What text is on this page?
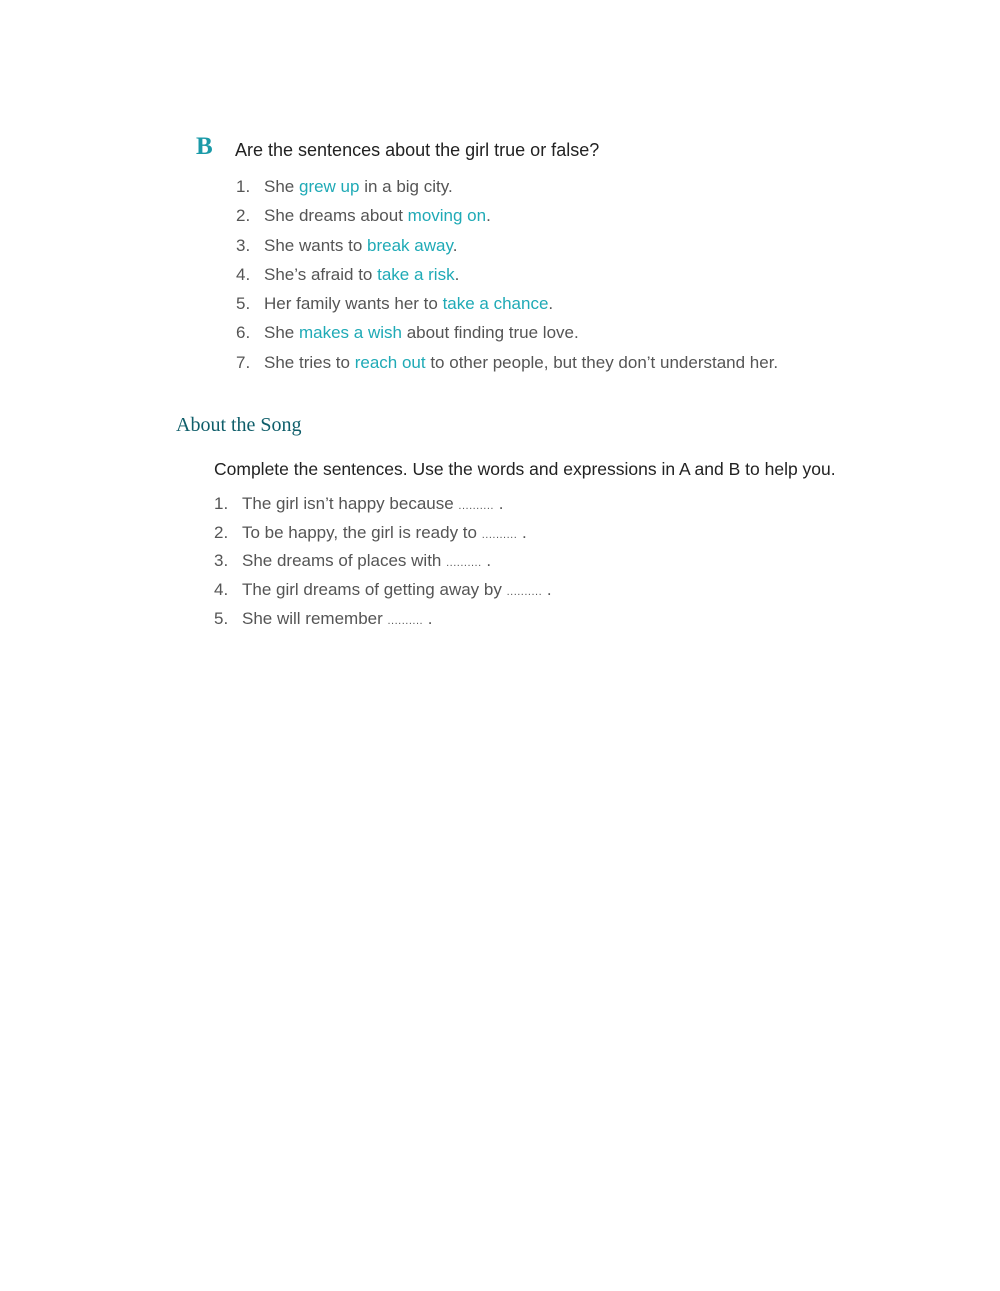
B Are the sentences about the girl true or false?
1. She grew up in a big city.
2. She dreams about moving on.
3. She wants to break away.
4. She’s afraid to take a risk.
5. Her family wants her to take a chance.
6. She makes a wish about finding true love.
7. She tries to reach out to other people, but they don’t understand her.
About the Song
Complete the sentences. Use the words and expressions in A and B to help you.
1. The girl isn’t happy because .......... .
2. To be happy, the girl is ready to .......... .
3. She dreams of places with .......... .
4. The girl dreams of getting away by .......... .
5. She will remember .......... .
